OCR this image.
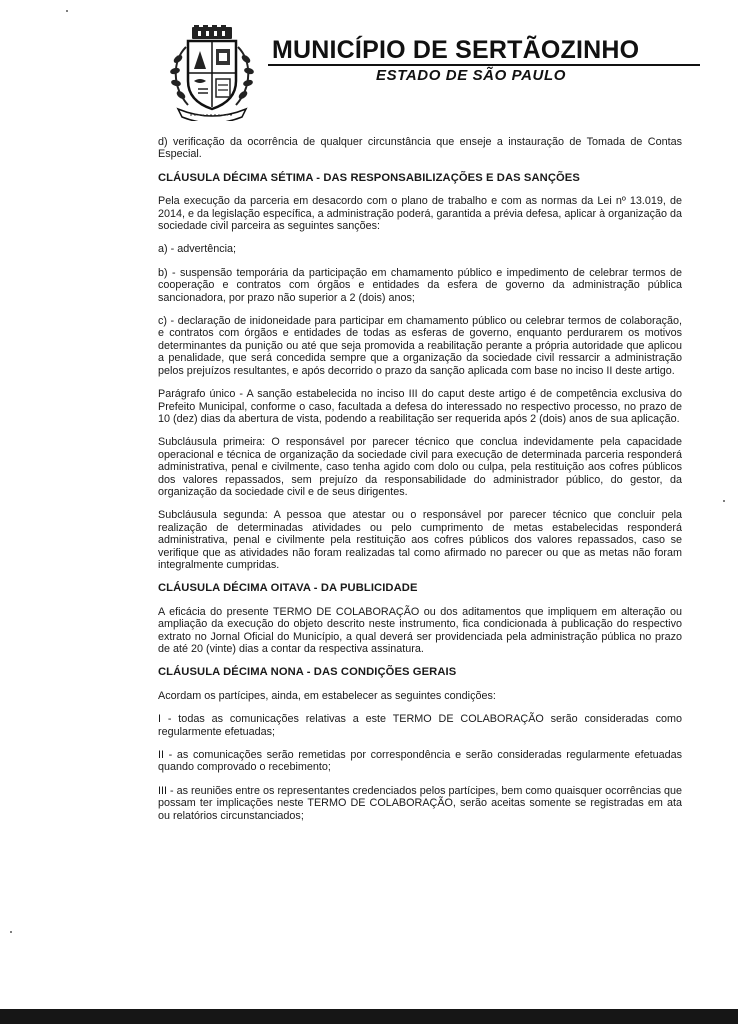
MUNICÍPIO DE SERTÃOZINHO
ESTADO DE SÃO PAULO

d) verificação da ocorrência de qualquer circunstância que enseje a instauração de Tomada de Contas Especial.

CLÁUSULA DÉCIMA SÉTIMA - DAS RESPONSABILIZAÇÕES E DAS SANÇÕES

Pela execução da parceria em desacordo com o plano de trabalho e com as normas da Lei nº 13.019, de 2014, e da legislação específica, a administração poderá, garantida a prévia defesa, aplicar à organização da sociedade civil parceira as seguintes sanções:

a) - advertência;

b) - suspensão temporária da participação em chamamento público e impedimento de celebrar termos de cooperação e contratos com órgãos e entidades da esfera de governo da administração pública sancionadora, por prazo não superior a 2 (dois) anos;

c) - declaração de inidoneidade para participar em chamamento público ou celebrar termos de colaboração, e contratos com órgãos e entidades de todas as esferas de governo, enquanto perdurarem os motivos determinantes da punição ou até que seja promovida a reabilitação perante a própria autoridade que aplicou a penalidade, que será concedida sempre que a organização da sociedade civil ressarcir a administração pelos prejuízos resultantes, e após decorrido o prazo da sanção aplicada com base no inciso II deste artigo.

Parágrafo único - A sanção estabelecida no inciso III do caput deste artigo é de competência exclusiva do Prefeito Municipal, conforme o caso, facultada a defesa do interessado no respectivo processo, no prazo de 10 (dez) dias da abertura de vista, podendo a reabilitação ser requerida após 2 (dois) anos de sua aplicação.

Subcláusula primeira: O responsável por parecer técnico que conclua indevidamente pela capacidade operacional e técnica de organização da sociedade civil para execução de determinada parceria responderá administrativa, penal e civilmente, caso tenha agido com dolo ou culpa, pela restituição aos cofres públicos dos valores repassados, sem prejuízo da responsabilidade do administrador público, do gestor, da organização da sociedade civil e de seus dirigentes.

Subcláusula segunda: A pessoa que atestar ou o responsável por parecer técnico que concluir pela realização de determinadas atividades ou pelo cumprimento de metas estabelecidas responderá administrativa, penal e civilmente pela restituição aos cofres públicos dos valores repassados, caso se verifique que as atividades não foram realizadas tal como afirmado no parecer ou que as metas não foram integralmente cumpridas.

CLÁUSULA DÉCIMA OITAVA - DA PUBLICIDADE

A eficácia do presente TERMO DE COLABORAÇÃO ou dos aditamentos que impliquem em alteração ou ampliação da execução do objeto descrito neste instrumento, fica condicionada à publicação do respectivo extrato no Jornal Oficial do Município, a qual deverá ser providenciada pela administração pública no prazo de até 20 (vinte) dias a contar da respectiva assinatura.

CLÁUSULA DÉCIMA NONA - DAS CONDIÇÕES GERAIS

Acordam os partícipes, ainda, em estabelecer as seguintes condições:

I - todas as comunicações relativas a este TERMO DE COLABORAÇÃO serão consideradas como regularmente efetuadas;

II - as comunicações serão remetidas por correspondência e serão consideradas regularmente efetuadas quando comprovado o recebimento;

III - as reuniões entre os representantes credenciados pelos partícipes, bem como quaisquer ocorrências que possam ter implicações neste TERMO DE COLABORAÇÃO, serão aceitas somente se registradas em ata ou relatórios circunstanciados;
